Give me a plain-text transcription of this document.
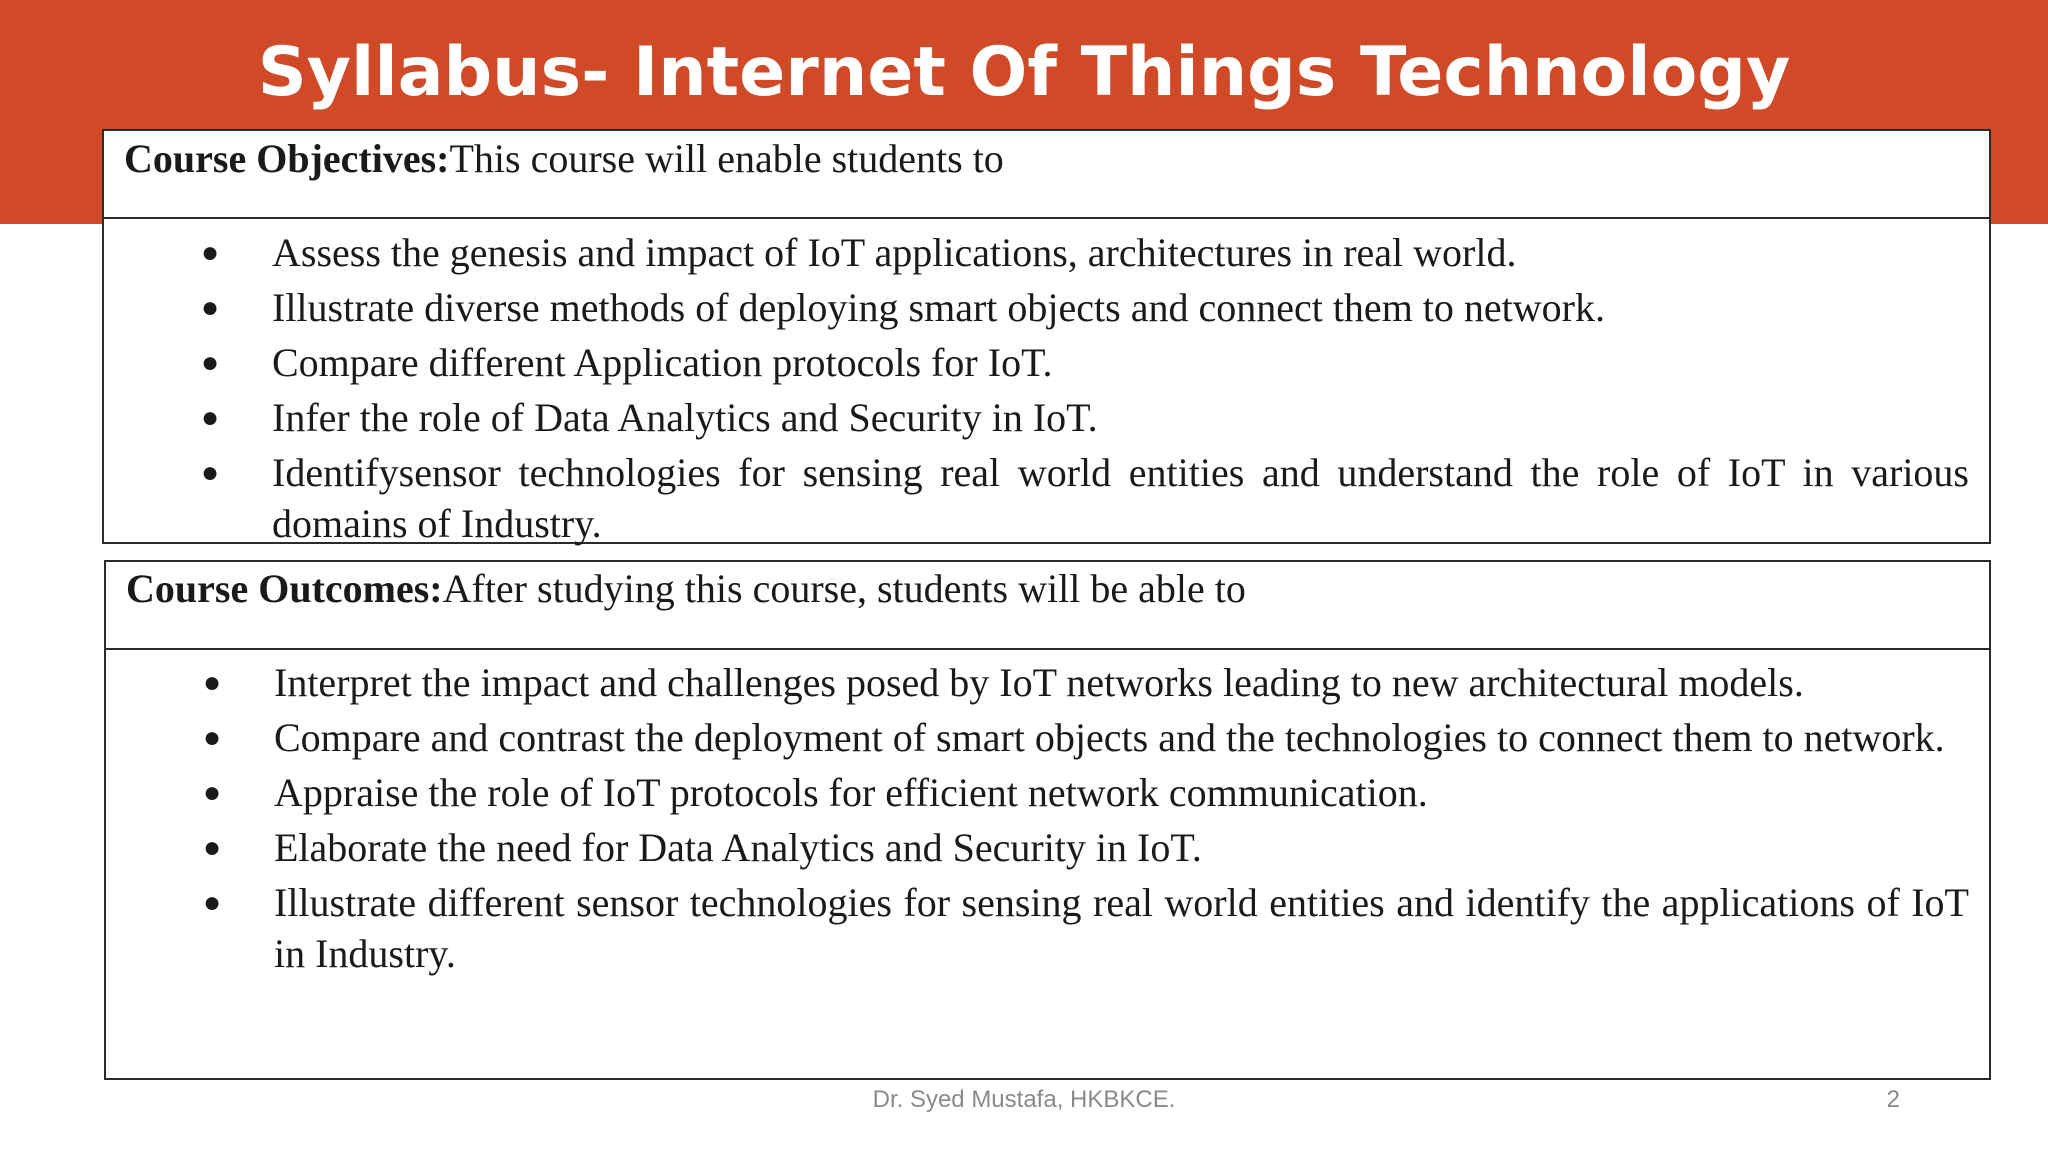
Syllabus- Internet Of Things Technology
Course Objectives:This course will enable students to
● Assess the genesis and impact of IoT applications, architectures in real world.
● Illustrate diverse methods of deploying smart objects and connect them to network.
● Compare different Application protocols for IoT.
● Infer the role of Data Analytics and Security in IoT.
● Identifysensor technologies for sensing real world entities and understand the role of IoT in various domains of Industry.
Course Outcomes:After studying this course, students will be able to
● Interpret the impact and challenges posed by IoT networks leading to new architectural models.
● Compare and contrast the deployment of smart objects and the technologies to connect them to network.
● Appraise the role of IoT protocols for efficient network communication.
● Elaborate the need for Data Analytics and Security in IoT.
● Illustrate different sensor technologies for sensing real world entities and identify the applications of IoT in Industry.
Dr. Syed Mustafa, HKBKCE.	2
